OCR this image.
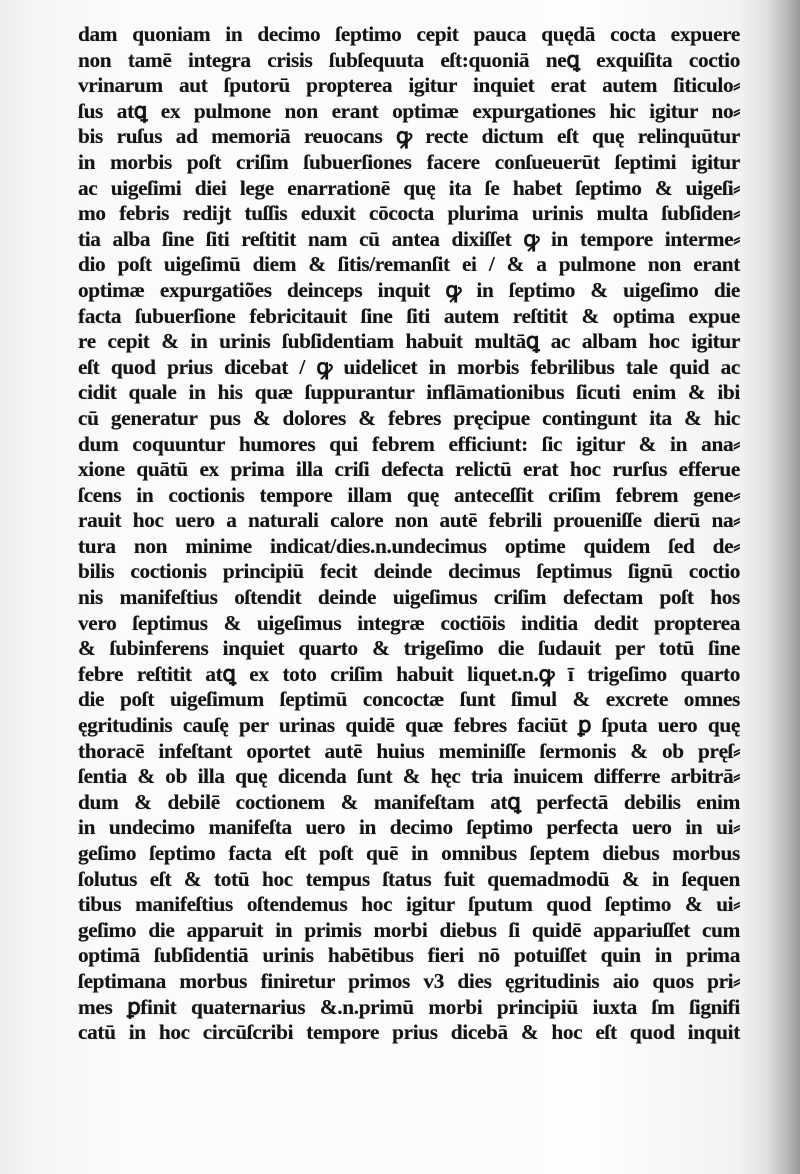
dam quoniam in decimo ſeptimo cepit pauca quędā cocta expuere
non tamē integra crisis ſubſequuta eſt:quoniā neꝗ exquiſita coctio
vrinarum aut ſputorū propterea igitur inquiet erat autem ſiticulo⸗
ſus atꝗ ex pulmone non erant optimæ expurgationes hic igitur no⸗
bis ruſus ad memoriā reuocans ꝙ recte dictum eſt quę relinquūtur
in morbis poſt criſim ſubuerſiones facere conſueuerūt ſeptimi igitur
ac uigeſimi diei lege enarrationē quę ita ſe habet ſeptimo & uigeſi⸗
mo febris redijt tuſſis eduxit cōcocta plurima urinis multa ſubſiden⸗
tia alba ſine ſiti reſtitit nam cū antea dixiſſet ꝙ in tempore interme⸗
dio poſt uigeſimū diem & ſitis/remanſit ei / & a pulmone non erant
optimæ expurgatiões deinceps inquit ꝙ in ſeptimo & uigeſimo die
facta ſubuerſione febricitauit ſine ſiti autem reſtitit & optima expue
re cepit & in urinis ſubſidentiam habuit multāꝗ ac albam hoc igitur
eſt quod prius dicebat / ꝙ uidelicet in morbis febrilibus tale quid ac
cidit quale in his quæ ſuppurantur inflāmationibus ſicuti enim & ibi
cū generatur pus & dolores & febres pręcipue contingunt ita & hic
dum coquuntur humores qui febrem efficiunt: ſic igitur & in ana⸗
xione quātū ex prima illa criſi defecta relictū erat hoc rurſus efferue
ſcens in coctionis tempore illam quę anteceſſit criſim febrem gene⸗
rauit hoc uero a naturali calore non autē febrili proueniſſe dierū na⸗
tura non minime indicat/dies.n.undecimus optime quidem ſed de⸗
bilis coctionis principiū fecit deinde decimus ſeptimus ſignū coctio
nis manifeſtius oſtendit deinde uigeſimus criſim defectam poſt hos
vero ſeptimus & uigeſimus integræ coctiōis inditia dedit propterea
& ſubinferens inquiet quarto & trigeſimo die ſudauit per totū ſine
febre reſtitit atꝗ ex toto criſim habuit liquet.n.ꝙ ī trigeſimo quarto
die poſt uigeſimum ſeptimū concoctæ ſunt ſimul & excrete omnes
ęgritudinis cauſę per urinas quidē quæ febres faciūt ꝑ ſputa uero quę
thoracē infeſtant oportet autē huius meminiſſe ſermonis & ob pręſ⸗
ſentia & ob illa quę dicenda ſunt & hęc tria inuicem differre arbitrā⸗
dum & debilē coctionem & manifeſtam atꝗ perfectā debilis enim
in undecimo manifeſta uero in decimo ſeptimo perfecta uero in ui⸗
geſimo ſeptimo facta eſt poſt quē in omnibus ſeptem diebus morbus
ſolutus eſt & totū hoc tempus ſtatus fuit quemadmodū & in ſequen
tibus manifeſtius oſtendemus hoc igitur ſputum quod ſeptimo & ui⸗
geſimo die apparuit in primis morbi diebus ſi quidē appariuſſet cum
optimā ſubſidentiā urinis habētibus fieri nō potuiſſet quin in prima
ſeptimana morbus finiretur primos v3 dies ęgritudinis aio quos pri⸗
mes ꝑfinit quaternarius &.n.primū morbi principiū iuxta ſm ſignifi
catū in hoc circūſcribi tempore prius dicebā & hoc eſt quod inquit
